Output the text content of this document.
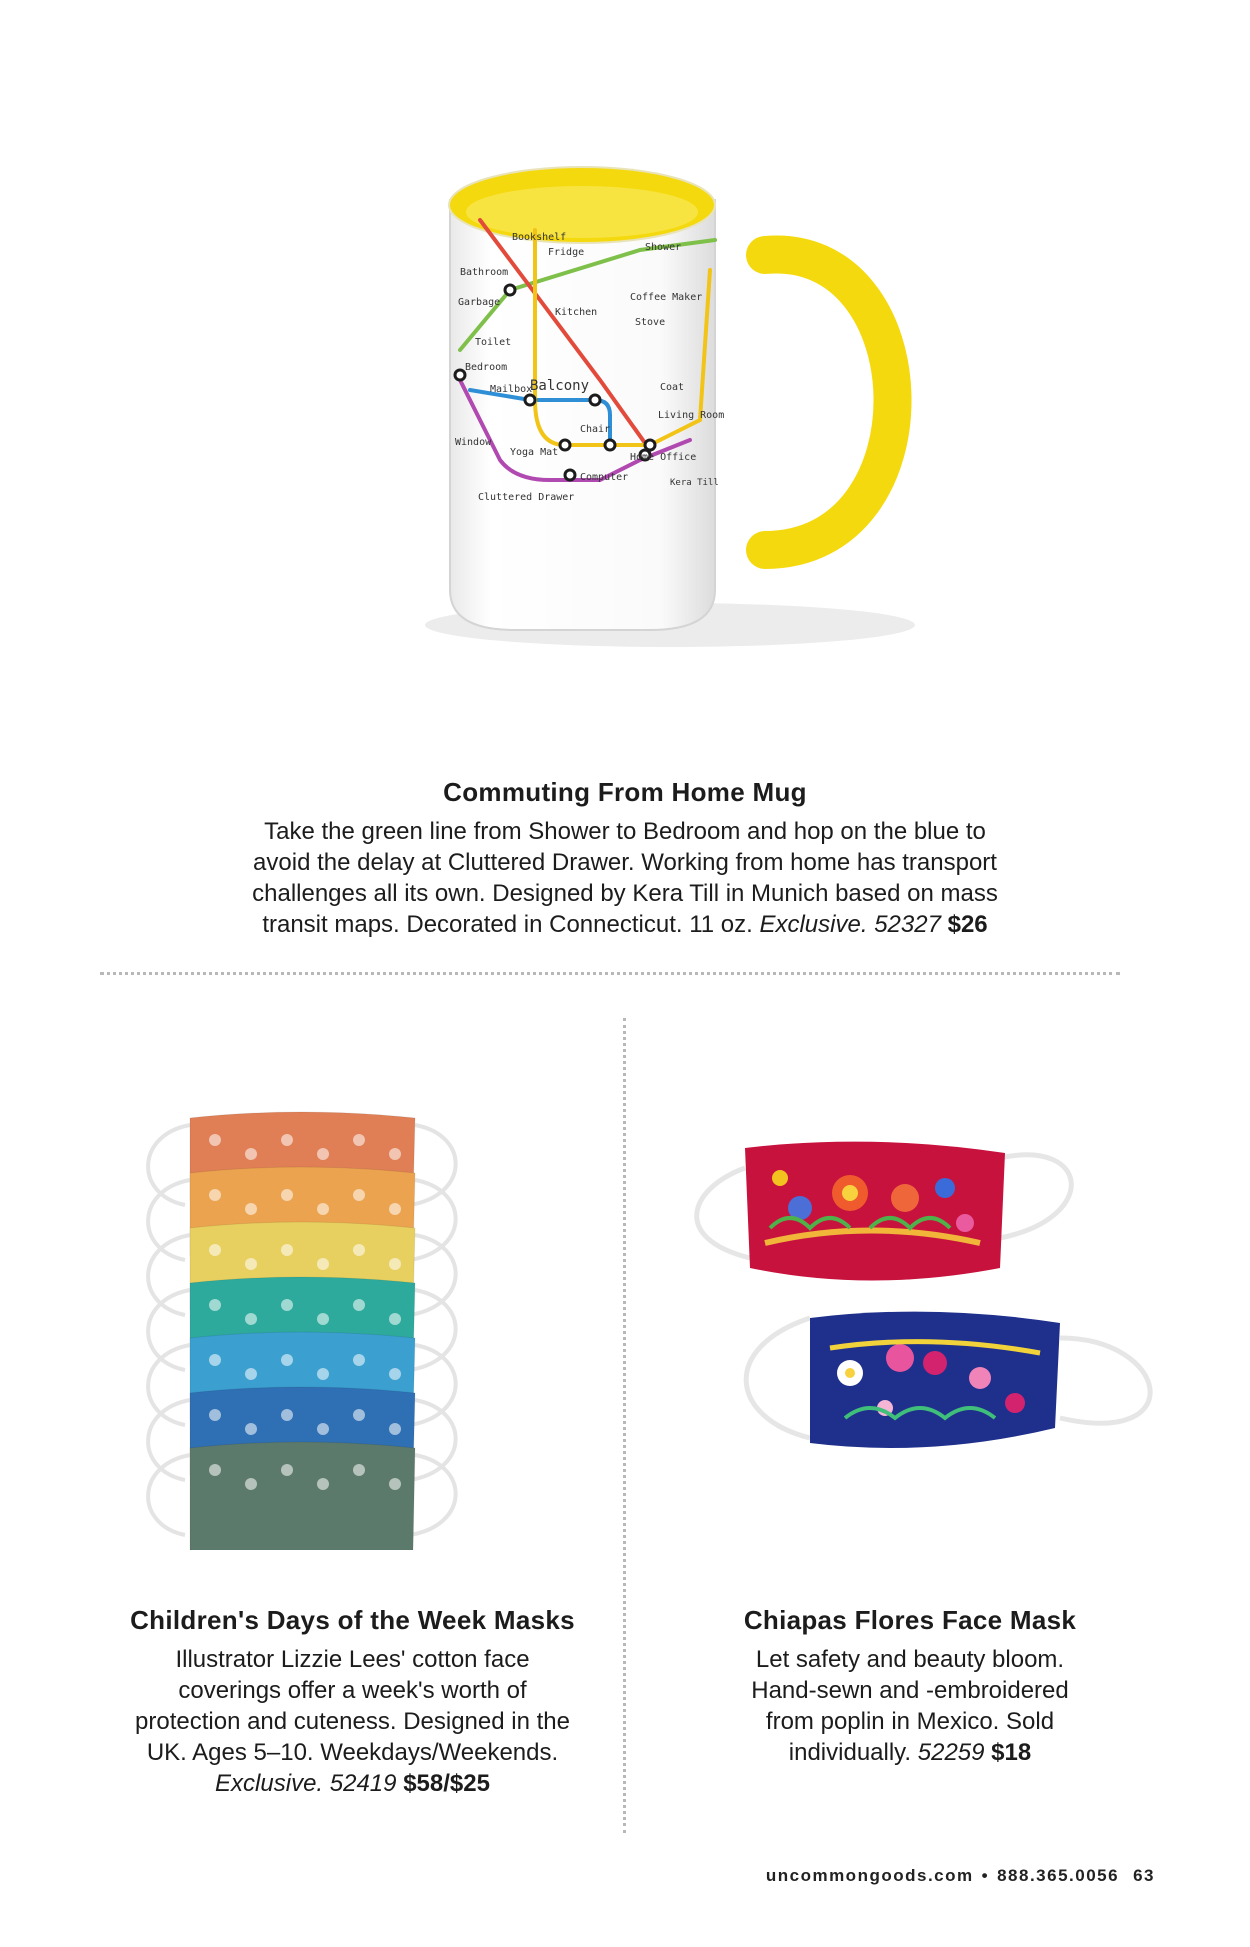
Bookshelf
Fridge	Shower
Bathroom
Garbage	Coffee Maker
Stove
Kitchen
Toilet
Bedroom
Mailbox
Balcony	Coat
Living Room
Chair
Window
Yoga Mat	Home Office
Computer
Cluttered Drawer
Kera Till
Commuting From Home Mug

Take the green line from Shower to Bedroom and hop on the blue to
avoid the delay at Cluttered Drawer. Working from home has transport
challenges all its own. Designed by Kera Till in Munich based on mass
transit maps. Decorated in Connecticut. 11 oz. Exclusive. 52327 $26

Children's Days of the Week Masks

Illustrator Lizzie Lees' cotton face
coverings offer a week's worth of
protection and cuteness. Designed in the
UK. Ages 5–10. Weekdays/Weekends.
Exclusive. 52419 $58/$25

Chiapas Flores Face Mask

Let safety and beauty bloom.
Hand-sewn and -embroidered
from poplin in Mexico. Sold
individually. 52259 $18

uncommongoods.com • 888.365.0056 63
